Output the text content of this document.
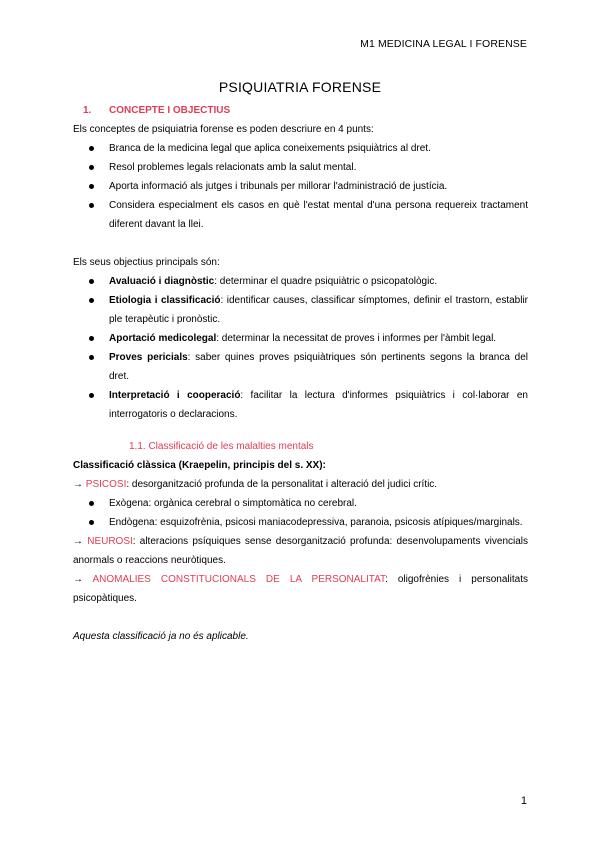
M1 MEDICINA LEGAL I FORENSE
PSIQUIATRIA FORENSE
1. CONCEPTE I OBJECTIUS
Els conceptes de psiquiatria forense es poden descriure en 4 punts:
Branca de la medicina legal que aplica coneixements psiquiàtrics al dret.
Resol problemes legals relacionats amb la salut mental.
Aporta informació als jutges i tribunals per millorar l'administració de justícia.
Considera especialment els casos en què l'estat mental d'una persona requereix tractament diferent davant la llei.
Els seus objectius principals són:
Avaluació i diagnòstic: determinar el quadre psiquiàtric o psicopatològic.
Etiologia i classificació: identificar causes, classificar símptomes, definir el trastorn, establir ple terapèutic i pronòstic.
Aportació medicolegal: determinar la necessitat de proves i informes per l'àmbit legal.
Proves pericials: saber quines proves psiquiàtriques són pertinents segons la branca del dret.
Interpretació i cooperació: facilitar la lectura d'informes psiquiàtrics i col·laborar en interrogatoris o declaracions.
1.1. Classificació de les malalties mentals
Classificació clàssica (Kraepelin, principis del s. XX):
→ PSICOSI: desorganització profunda de la personalitat i alteració del judici crític.
Exògena: orgànica cerebral o simptomàtica no cerebral.
Endògena: esquizofrènia, psicosi maniacodepressiva, paranoia, psicosis atípiques/marginals.
→ NEUROSI: alteracions psíquiques sense desorganització profunda: desenvolupaments vivencials anormals o reaccions neuròtiques.
→ ANOMALIES CONSTITUCIONALS DE LA PERSONALITAT: oligofrènies i personalitats psicopàtiques.
Aquesta classificació ja no és aplicable.
1
